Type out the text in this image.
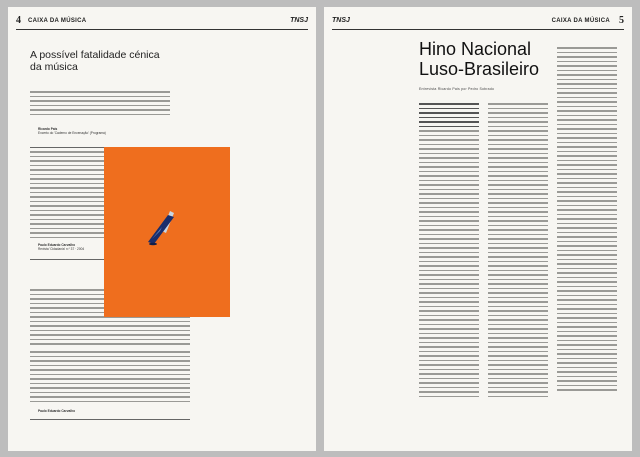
4 CAIXA DA MÚSICA	TNSJ
A possível fatalidade cénica da música
Ricardo Pais
Excerto do 'Caderno de Encenação' (Programa)
Paulo Eduardo Carvalho
Revista 'Cidadania' n.º 37 · 2004
Paulo Eduardo Carvalho
TNSJ	CAIXA DA MÚSICA 5
Hino Nacional
Luso-Brasileiro
Entrevista Ricardo Pais por Pedro Sobrado
